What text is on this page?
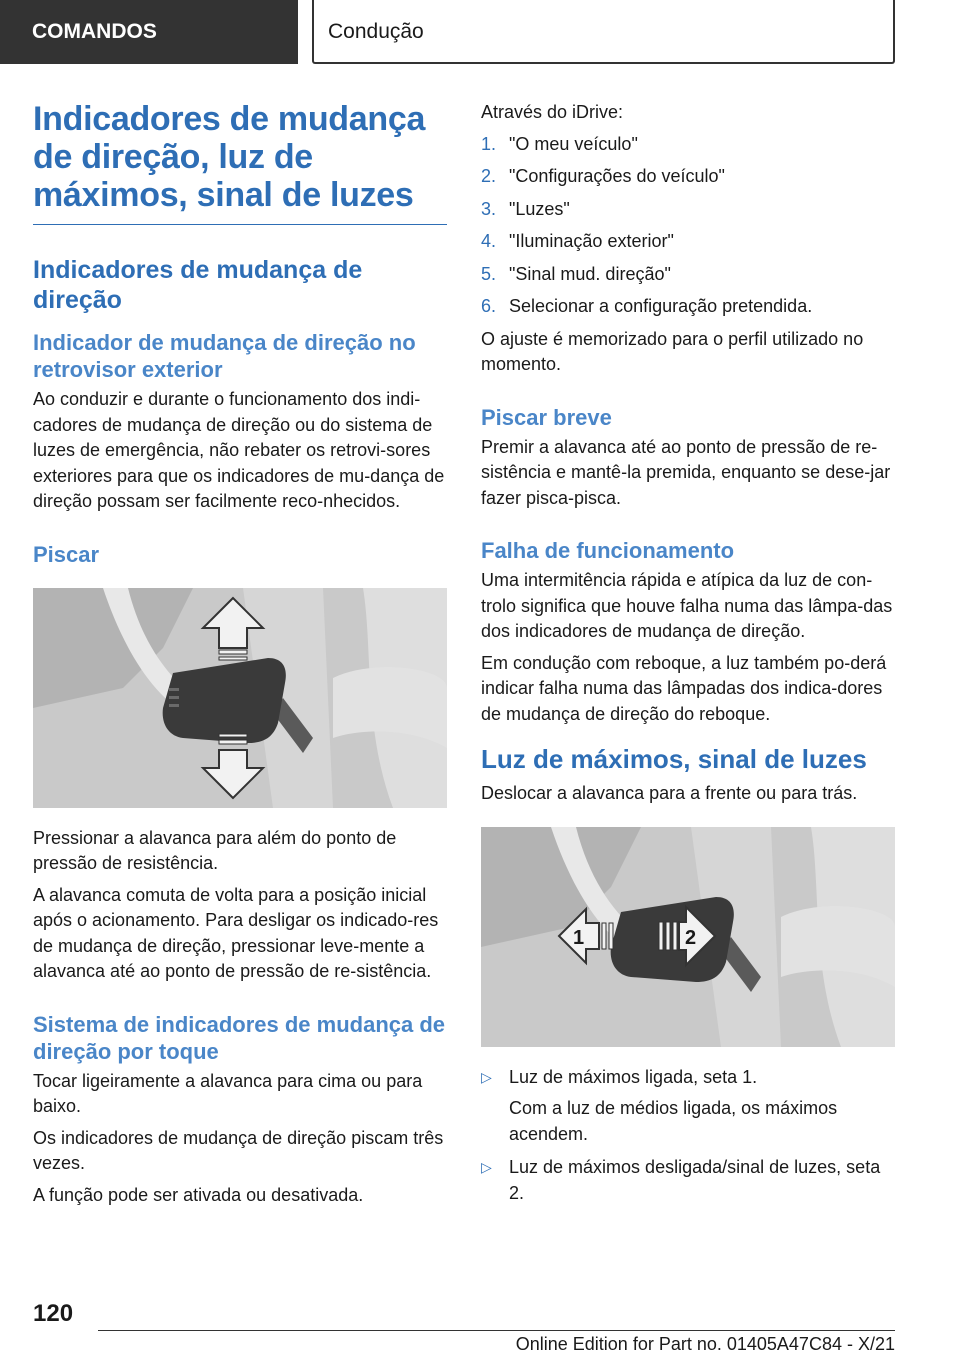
COMANDOS	Condução
Indicadores de mudança de direção, luz de máximos, sinal de luzes
Indicadores de mudança de direção
Indicador de mudança de direção no retrovisor exterior

Ao conduzir e durante o funcionamento dos indi-cadores de mudança de direção ou do sistema de luzes de emergência, não rebater os retrovi-sores exteriores para que os indicadores de mu-dança de direção possam ser facilmente reco-nhecidos.

Piscar

Pressionar a alavanca para além do ponto de pressão de resistência.

A alavanca comuta de volta para a posição inicial após o acionamento. Para desligar os indicado-res de mudança de direção, pressionar leve-mente a alavanca até ao ponto de pressão de re-sistência.

Sistema de indicadores de mudança de direção por toque

Tocar ligeiramente a alavanca para cima ou para baixo.

Os indicadores de mudança de direção piscam três vezes.

A função pode ser ativada ou desativada.

Através do iDrive:

1. "O meu veículo"
2. "Configurações do veículo"
3. "Luzes"
4. "Iluminação exterior"
5. "Sinal mud. direção"
6. Selecionar a configuração pretendida.

O ajuste é memorizado para o perfil utilizado no momento.

Piscar breve

Premir a alavanca até ao ponto de pressão de re-sistência e mantê-la premida, enquanto se dese-jar fazer pisca-pisca.

Falha de funcionamento

Uma intermitência rápida e atípica da luz de con-trolo significa que houve falha numa das lâmpa-das dos indicadores de mudança de direção.

Em condução com reboque, a luz também po-derá indicar falha numa das lâmpadas dos indica-dores de mudança de direção do reboque.

Luz de máximos, sinal de luzes

Deslocar a alavanca para a frente ou para trás.

1	2
▷ Luz de máximos ligada, seta 1.
Com a luz de médios ligada, os máximos acendem.
▷ Luz de máximos desligada/sinal de luzes, seta 2.
120
Online Edition for Part no. 01405A47C84 - X/21
